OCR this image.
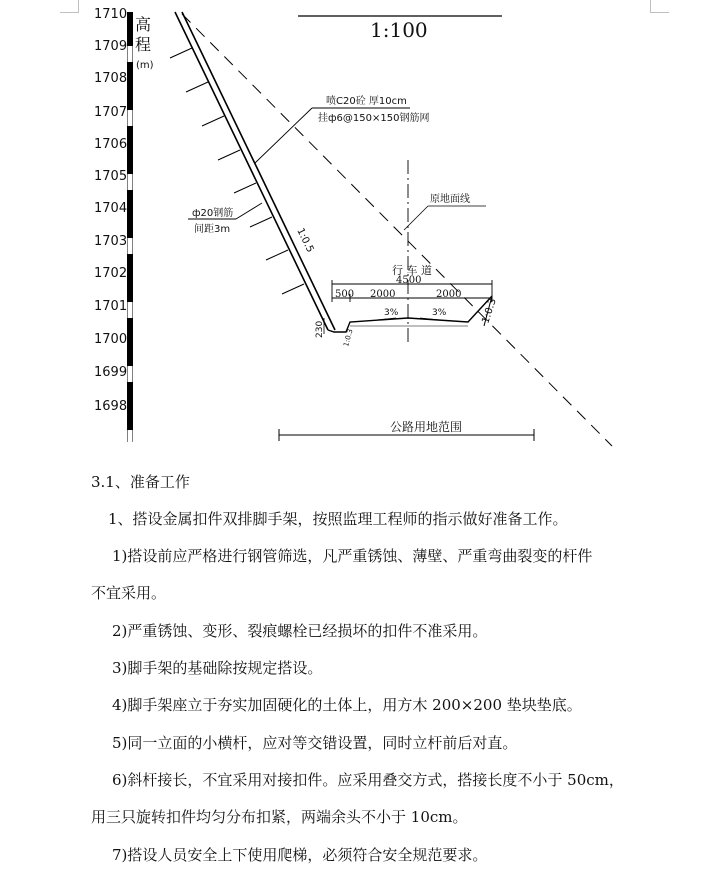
1710
1709
1708
1707
1706
1705
1704
1703
1702
1701
1700
1699
1698
高
程
(m)
1:100
喷C20砼 厚10cm
挂ф6@150×150钢筋网
ф20钢筋
间距3m	1:0.5
原地面线
行 车 道
4500
500 2000	2000
3%	3%	1:0.3
230 1:0.3
公路用地范围
3.1、准备工作
1、搭设金属扣件双排脚手架，按照监理工程师的指示做好准备工作。
1)搭设前应严格进行钢管筛选，凡严重锈蚀、薄壁、严重弯曲裂变的杆件
不宜采用。
2)严重锈蚀、变形、裂痕螺栓已经损坏的扣件不准采用。
3)脚手架的基础除按规定搭设。
4)脚手架座立于夯实加固硬化的土体上，用方木 200×200 垫块垫底。
5)同一立面的小横杆，应对等交错设置，同时立杆前后对直。
6)斜杆接长，不宜采用对接扣件。应采用叠交方式，搭接长度不小于 50cm，
用三只旋转扣件均匀分布扣紧，两端余头不小于 10cm。
7)搭设人员安全上下使用爬梯，必须符合安全规范要求。
